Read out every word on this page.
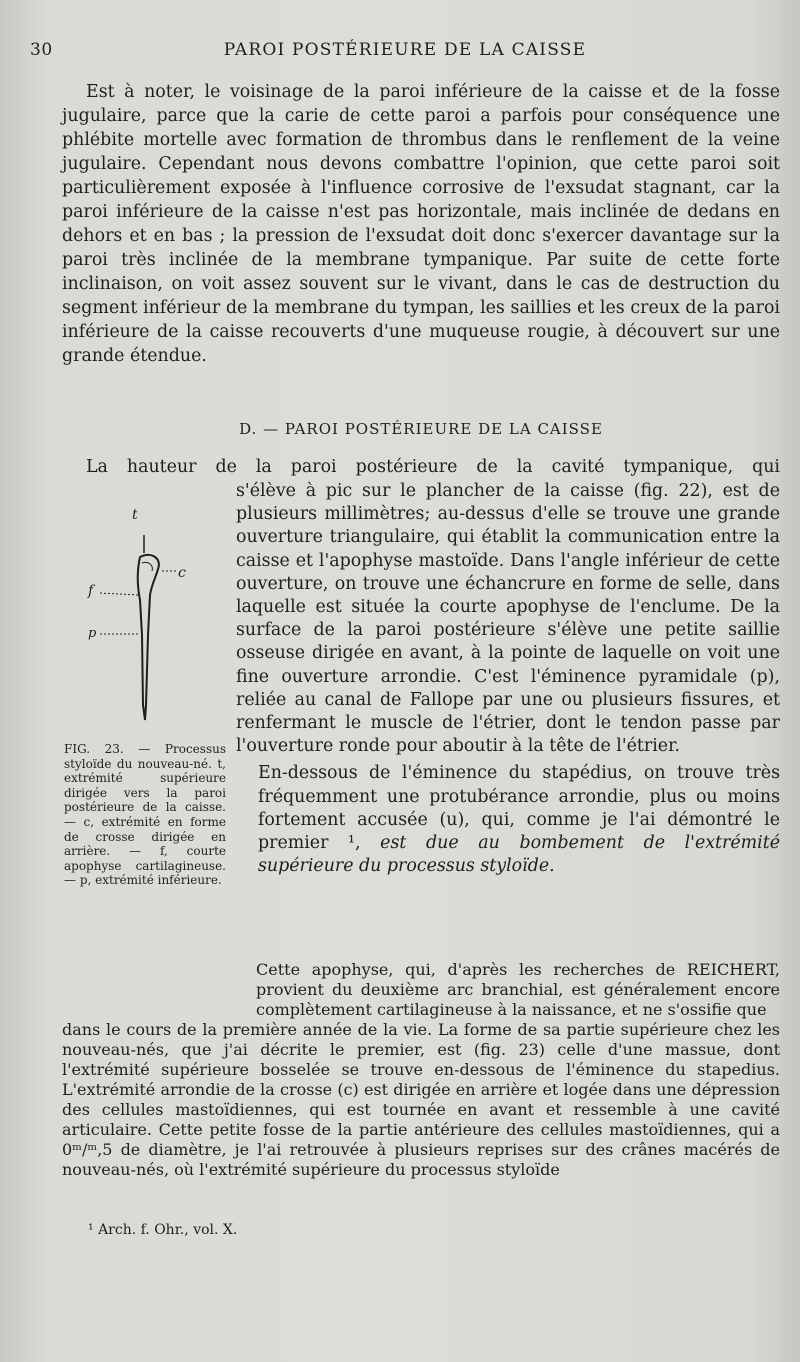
30	PAROI POSTÉRIEURE DE LA CAISSE

Est à noter, le voisinage de la paroi inférieure de la caisse et de la fosse jugulaire, parce que la carie de cette paroi a parfois pour conséquence une phlébite mortelle avec formation de thrombus dans le renflement de la veine jugulaire. Cependant nous devons combattre l'opinion, que cette paroi soit particulièrement exposée à l'influence corrosive de l'exsudat stagnant, car la paroi inférieure de la caisse n'est pas horizontale, mais inclinée de dedans en dehors et en bas ; la pression de l'exsudat doit donc s'exercer davantage sur la paroi très inclinée de la membrane tympanique. Par suite de cette forte inclinaison, on voit assez souvent sur le vivant, dans le cas de destruction du segment inférieur de la membrane du tympan, les saillies et les creux de la paroi inférieure de la caisse recouverts d'une muqueuse rougie, à découvert sur une grande étendue.

D. — PAROI POSTÉRIEURE DE LA CAISSE

La hauteur de la paroi postérieure de la cavité tympanique, qui

t
c
f
p

FIG. 23. — Processus styloïde du nouveau-né. t, extrémité supérieure dirigée vers la paroi postérieure de la caisse. — c, extrémité en forme de crosse dirigée en arrière. — f, courte apophyse cartilagineuse. — p, extrémité inférieure.

s'élève à pic sur le plancher de la caisse (fig. 22), est de plusieurs millimètres; au-dessus d'elle se trouve une grande ouverture triangulaire, qui établit la communication entre la caisse et l'apophyse mastoïde. Dans l'angle inférieur de cette ouverture, on trouve une échancrure en forme de selle, dans laquelle est située la courte apophyse de l'enclume. De la surface de la paroi postérieure s'élève une petite saillie osseuse dirigée en avant, à la pointe de laquelle on voit une fine ouverture arrondie. C'est l'éminence pyramidale (p), reliée au canal de Fallope par une ou plusieurs fissures, et renfermant le muscle de l'étrier, dont le tendon passe par l'ouverture ronde pour aboutir à la tête de l'étrier.

En-dessous de l'éminence du stapédius, on trouve très fréquemment une protubérance arrondie, plus ou moins fortement accusée (u), qui, comme je l'ai démontré le premier ¹, est due au bombement de l'extrémité supérieure du processus styloïde.

Cette apophyse, qui, d'après les recherches de REICHERT, provient du deuxième arc branchial, est généralement encore complètement cartilagineuse à la naissance, et ne s'ossifie que

dans le cours de la première année de la vie. La forme de sa partie supérieure chez les nouveau-nés, que j'ai décrite le premier, est (fig. 23) celle d'une massue, dont l'extrémité supérieure bosselée se trouve en-dessous de l'éminence du stapedius. L'extrémité arrondie de la crosse (c) est dirigée en arrière et logée dans une dépression des cellules mastoïdiennes, qui est tournée en avant et ressemble à une cavité articulaire. Cette petite fosse de la partie antérieure des cellules mastoïdiennes, qui a 0ᵐ/ᵐ,5 de diamètre, je l'ai retrouvée à plusieurs reprises sur des crânes macérés de nouveau-nés, où l'extrémité supérieure du processus styloïde

¹ Arch. f. Ohr., vol. X.
